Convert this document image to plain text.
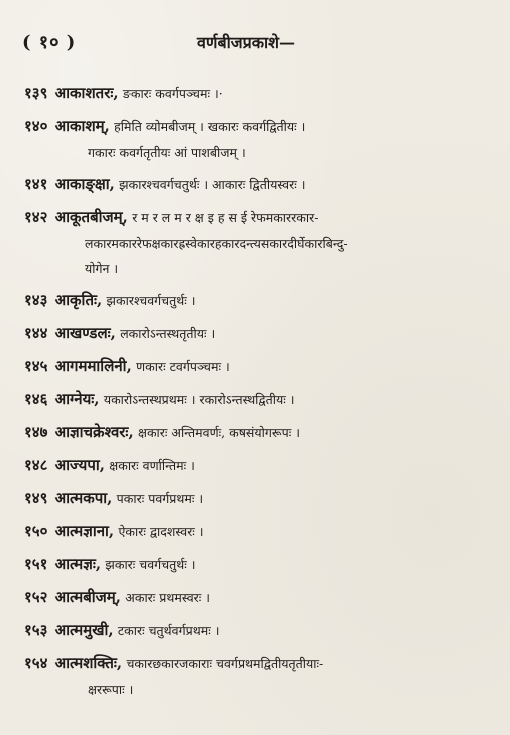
( १० )	वर्णबीजप्रकाशे—
१३९ आकाशतरः, ङकारः कवर्गपञ्चमः ।·
१४० आकाशम्, हमिति व्योमबीजम् । खकारः कवर्गद्वितीयः ।
गकारः कवर्गतृतीयः आं पाशबीजम् ।
१४१ आकाङ्क्षा, झकारश्चवर्गचतुर्थः । आकारः द्वितीयस्वरः ।
१४२ आकूतबीजम्, र म र ल म र क्ष इ ह स ई रेफमकाररकार-
लकारमकाररेफक्षकारह्रस्वेकारहकारदन्त्यसकारदीर्घेकारबिन्दु-
योगेन ।
१४३ आकृतिः, झकारश्चवर्गचतुर्थः ।
१४४ आखण्डलः, लकारोऽन्तस्थतृतीयः ।
१४५ आगममालिनी, णकारः टवर्गपञ्चमः ।
१४६ आग्नेयः, यकारोऽन्तस्थप्रथमः । रकारोऽन्तस्थद्वितीयः ।
१४७ आज्ञाचक्रेश्वरः, क्षकारः अन्तिमवर्णः, कषसंयोगरूपः ।
१४८ आज्यपा, क्षकारः वर्णान्तिमः ।
१४९ आत्मकपा, पकारः पवर्गप्रथमः ।
१५० आत्मज्ञाना, ऐकारः द्वादशस्वरः ।
१५१ आत्मज्ञः, झकारः चवर्गचतुर्थः ।
१५२ आत्मबीजम्, अकारः प्रथमस्वरः ।
१५३ आत्ममुखी, टकारः चतुर्थवर्गप्रथमः ।
१५४ आत्मशक्तिः, चकारछकारजकाराः चवर्गप्रथमद्वितीयतृतीयाः-
क्षररूपाः ।
